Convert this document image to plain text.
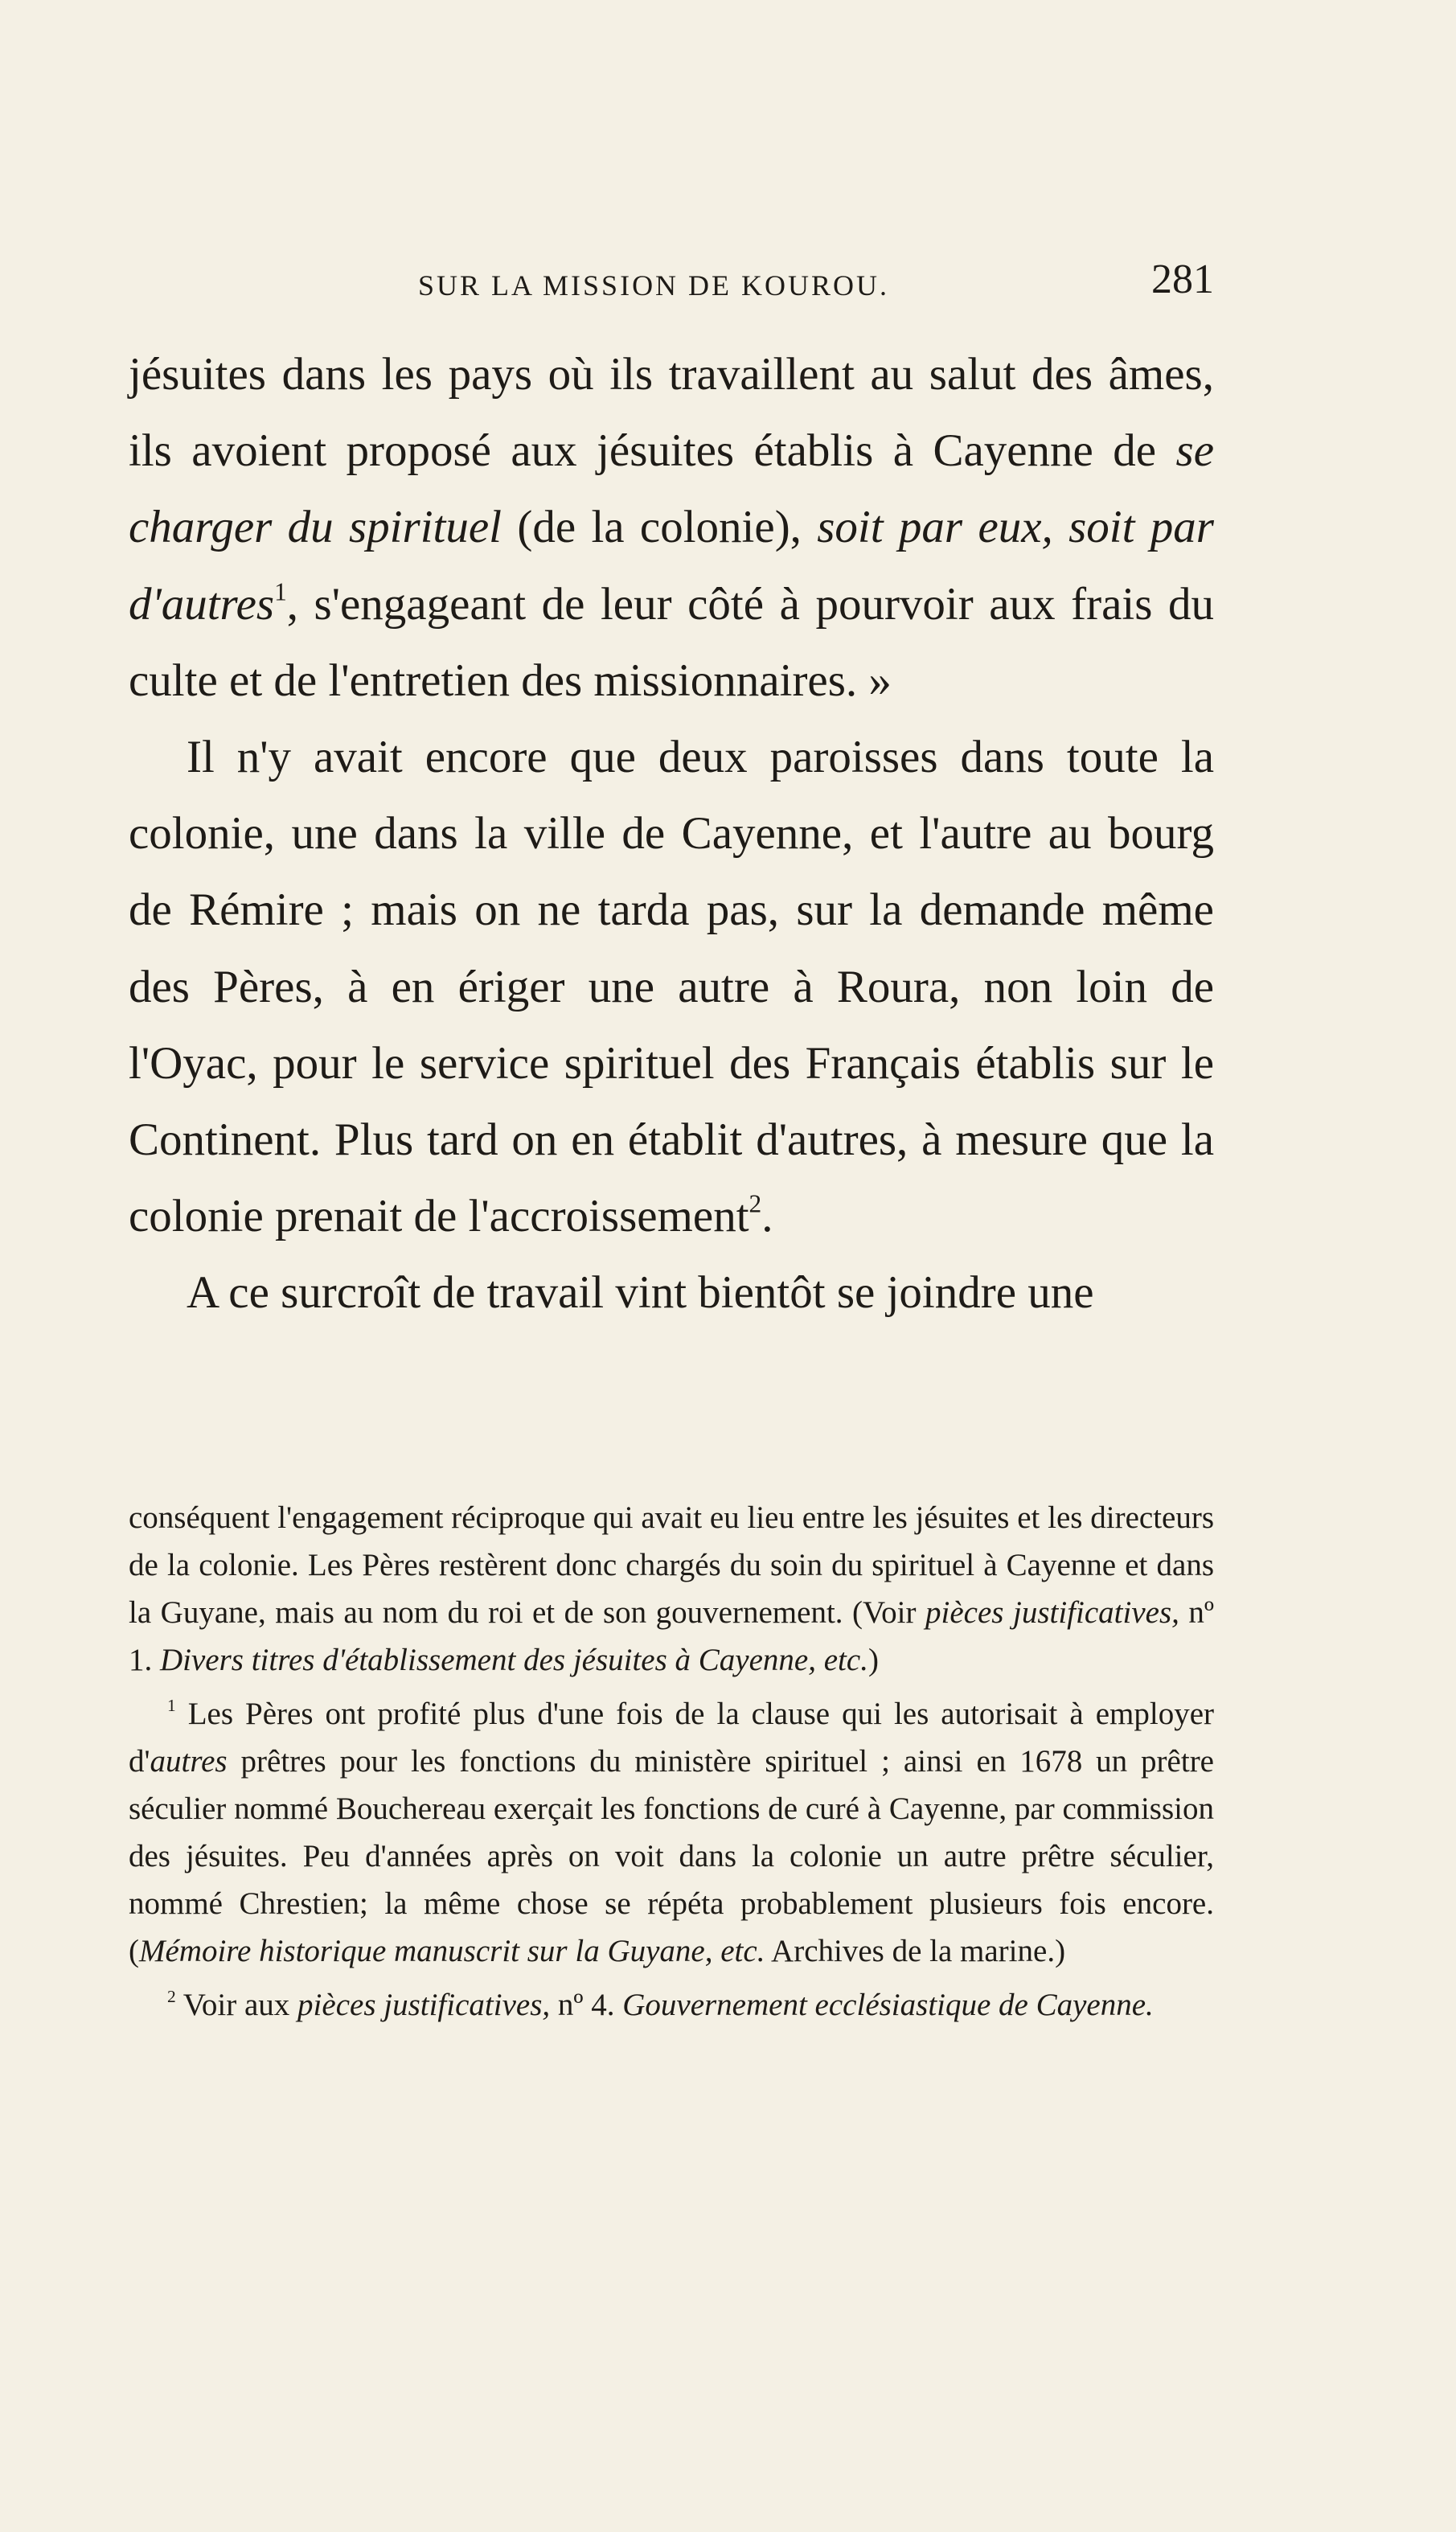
SUR LA MISSION DE KOUROU.	281

jésuites dans les pays où ils travaillent au salut des âmes, ils avoient proposé aux jésuites établis à Cayenne de se charger du spirituel (de la colonie), soit par eux, soit par d'autres$^1$, s'engageant de leur côté à pourvoir aux frais du culte et de l'entretien des missionnaires. »

Il n'y avait encore que deux paroisses dans toute la colonie, une dans la ville de Cayenne, et l'autre au bourg de Rémire ; mais on ne tarda pas, sur la demande même des Pères, à en ériger une autre à Roura, non loin de l'Oyac, pour le service spirituel des Français établis sur le Continent. Plus tard on en établit d'autres, à mesure que la colonie prenait de l'accroissement$^2$.

A ce surcroît de travail vint bientôt se joindre une

conséquent l'engagement réciproque qui avait eu lieu entre les jésuites et les directeurs de la colonie. Les Pères restèrent donc chargés du soin du spirituel à Cayenne et dans la Guyane, mais au nom du roi et de son gouvernement. (Voir pièces justificatives, nº 1. Divers titres d'établissement des jésuites à Cayenne, etc.)

$^1$ Les Pères ont profité plus d'une fois de la clause qui les autorisait à employer d'autres prêtres pour les fonctions du ministère spirituel ; ainsi en 1678 un prêtre séculier nommé Bouchereau exerçait les fonctions de curé à Cayenne, par commission des jésuites. Peu d'années après on voit dans la colonie un autre prêtre séculier, nommé Chrestien; la même chose se répéta probablement plusieurs fois encore. (Mémoire historique manuscrit sur la Guyane, etc. Archives de la marine.)

$^2$ Voir aux pièces justificatives, nº 4. Gouvernement ecclésiastique de Cayenne.
